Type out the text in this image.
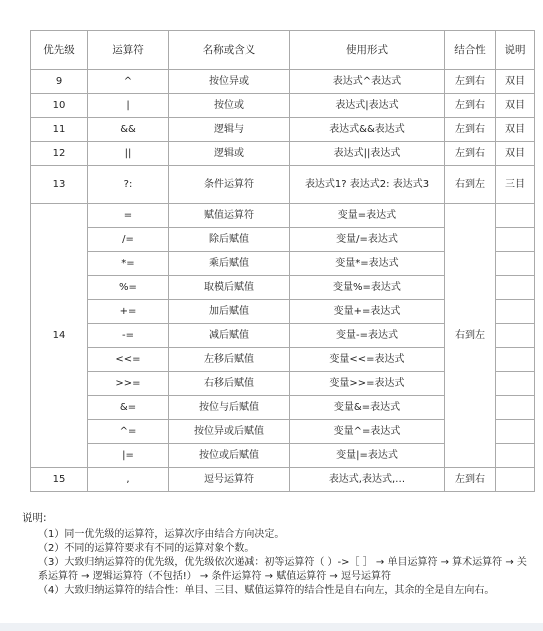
优先级	运算符	名称或含义	使用形式	结合性	说明
9	^	按位异或	表达式^表达式	左到右	双目
10	|	按位或	表达式|表达式	左到右	双目
11	&&	逻辑与	表达式&&表达式	左到右	双目
12	||	逻辑或	表达式||表达式	左到右	双目
13	?:	条件运算符	表达式1? 表达式2: 表达式3	右到左	三目
14	=	赋值运算符	变量=表达式	右到左	
	/=	除后赋值	变量/=表达式		
	*=	乘后赋值	变量*=表达式		
	%=	取模后赋值	变量%=表达式		
	+=	加后赋值	变量+=表达式		
	-=	减后赋值	变量-=表达式		
	<<=	左移后赋值	变量<<=表达式		
	>>=	右移后赋值	变量>>=表达式		
	&=	按位与后赋值	变量&=表达式		
	^=	按位异或后赋值	变量^=表达式		
	|=	按位或后赋值	变量|=表达式		
15	,	逗号运算符	表达式,表达式,…	左到右	
说明:
（1）同一优先级的运算符，运算次序由结合方向决定。
（2）不同的运算符要求有不同的运算对象个数。
（3）大致归纳运算符的优先级，优先级依次递减：初等运算符（ ）->［ ］ → 单目运算符 → 算术运算符 → 关系运算符 → 逻辑运算符（不包括!） → 条件运算符 → 赋值运算符 → 逗号运算符
（4）大致归纳运算符的结合性：单目、三目、赋值运算符的结合性是自右向左，其余的全是自左向右。
